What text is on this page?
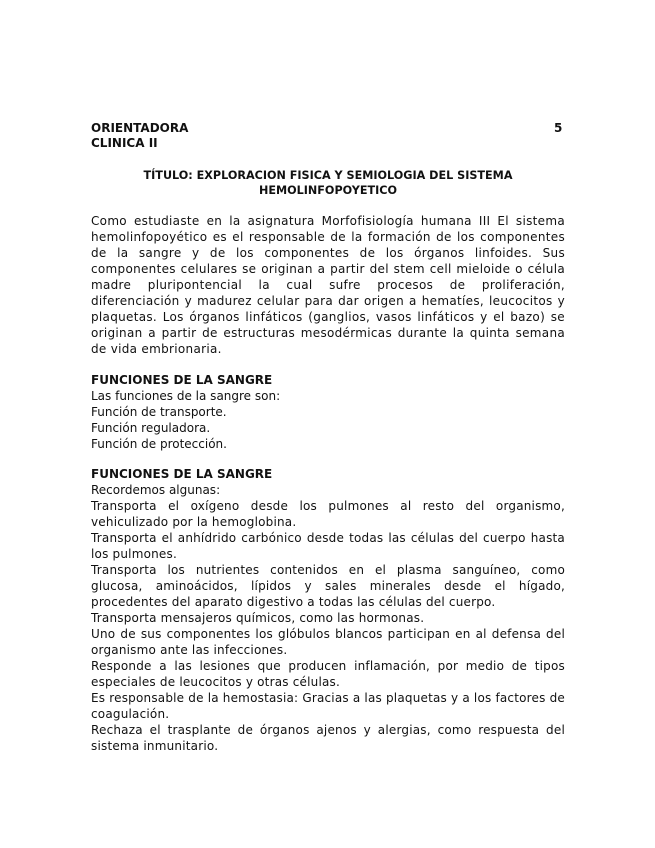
ORIENTADORA
CLINICA II
5
TÍTULO: EXPLORACION FISICA Y SEMIOLOGIA DEL SISTEMA
HEMOLINFOPOYETICO

Como estudiaste en la asignatura Morfofisiología humana III El sistema hemolinfopoyético es el responsable de la formación de los componentes de la sangre y de los componentes de los órganos linfoides. Sus componentes celulares se originan a partir del stem cell mieloide o célula madre pluripontencial la cual sufre procesos de proliferación, diferenciación y madurez celular para dar origen a hematíes, leucocitos y plaquetas. Los órganos linfáticos (ganglios, vasos linfáticos y el bazo) se originan a partir de estructuras mesodérmicas durante la quinta semana de vida embrionaria.

FUNCIONES DE LA SANGRE

Las funciones de la sangre son:

Función de transporte.

Función reguladora.

Función de protección.

FUNCIONES DE LA SANGRE

Recordemos algunas:

Transporta el oxígeno desde los pulmones al resto del organismo, vehiculizado por la hemoglobina.

Transporta el anhídrido carbónico desde todas las células del cuerpo hasta los pulmones.

Transporta los nutrientes contenidos en el plasma sanguíneo, como glucosa, aminoácidos, lípidos y sales minerales desde el hígado, procedentes del aparato digestivo a todas las células del cuerpo.

Transporta mensajeros químicos, como las hormonas.

Uno de sus componentes los glóbulos blancos participan en al defensa del organismo ante las infecciones.

Responde a las lesiones que producen inflamación, por medio de tipos especiales de leucocitos y otras células.

Es responsable de la hemostasia: Gracias a las plaquetas y a los factores de coagulación.

Rechaza el trasplante de órganos ajenos y alergias, como respuesta del sistema inmunitario.
